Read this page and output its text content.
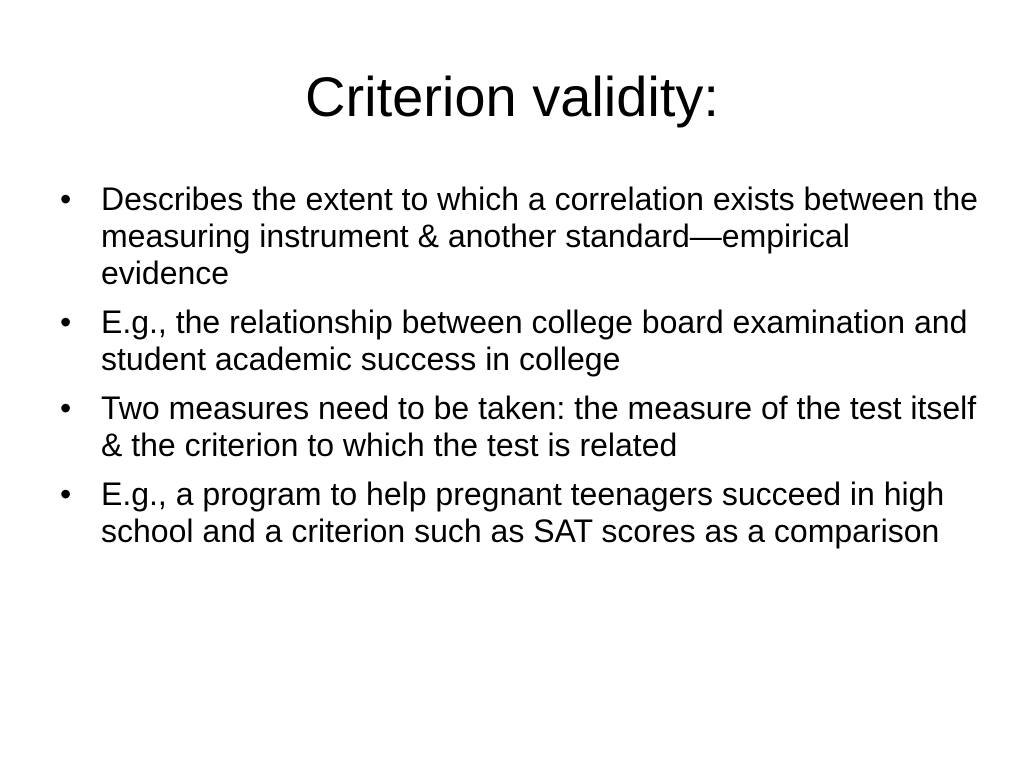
Criterion validity:
• Describes the extent to which a correlation exists between the measuring instrument & another standard—empirical evidence
• E.g., the relationship between college board examination and student academic success in college
• Two measures need to be taken: the measure of the test itself & the criterion to which the test is related
• E.g., a program to help pregnant teenagers succeed in high school and a criterion such as SAT scores as a comparison
